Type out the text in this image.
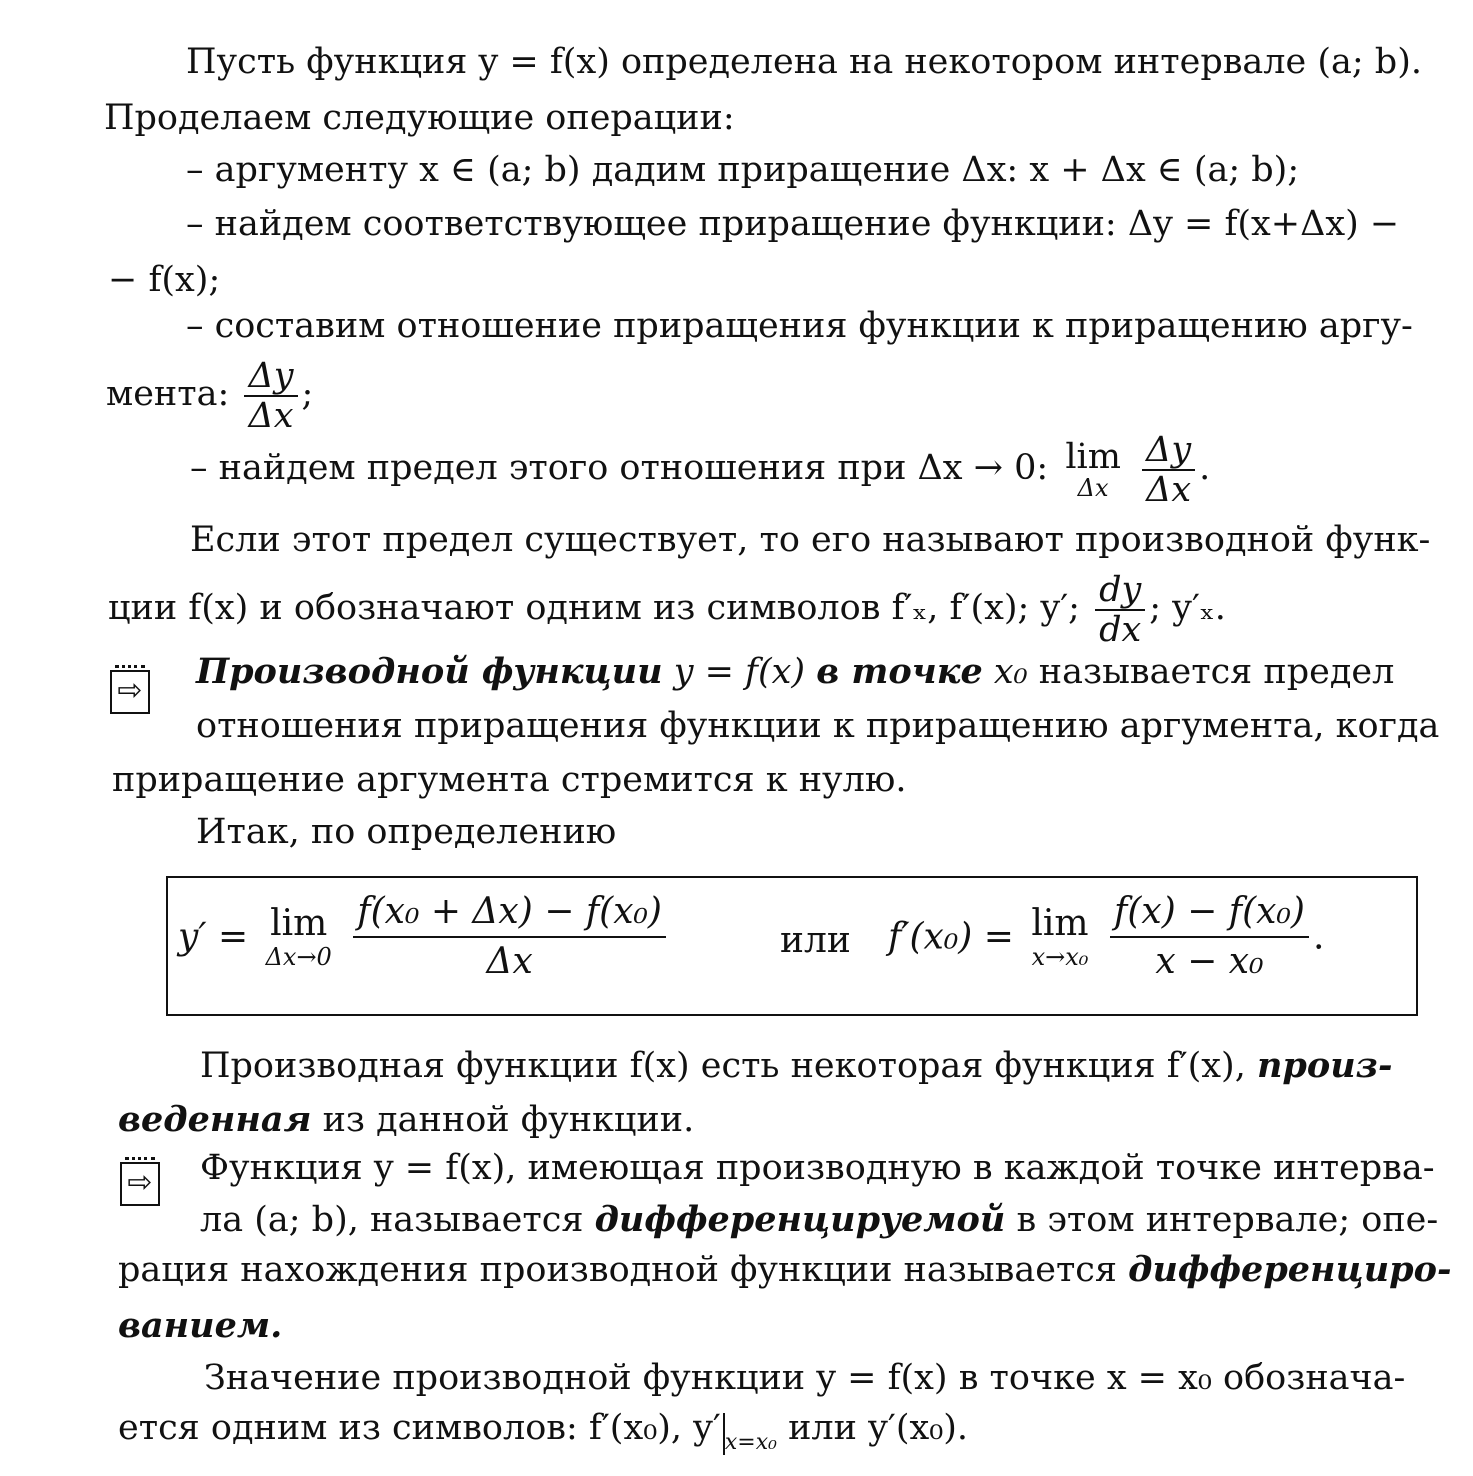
Пусть функция y = f(x) определена на некотором интервале (a; b).
Проделаем следующие операции:
– аргументу x ∈ (a; b) дадим приращение Δx: x + Δx ∈ (a; b);
– найдем соответствующее приращение функции: Δy = f(x+Δx) −
− f(x);
– составим отношение приращения функции к приращению аргу-
мента: $\frac{\Delta y}{\Delta x}$ ;
– найдем предел этого отношения при Δx → 0: lim
Δx
$\frac{\Delta y}{\Delta x}$ .
Если этот предел существует, то его называют производной функ-
ции f(x) и обозначают одним из символов f′ₓ, f′(x); y′; $\frac{dy}{dx}$ ; y′ₓ.
⇨ Производной функции y = f(x) в точке x₀ называется предел
отношения приращения функции к приращению аргумента, когда
приращение аргумента стремится к нулю.
Итак, по определению
y′ = lim
Δx→0
$\frac{\text{f(x₀ + Δx) − f(x₀)}}{\Delta x}$	или f′(x₀) = lim
x→x₀
$\frac{\text{f(x) − f(x₀)}}{\text{x − x₀}}$ .
Производная функции f(x) есть некоторая функция f′(x), произ-
веденная из данной функции.
⇨ Функция y = f(x), имеющая производную в каждой точке интерва-
ла (a; b), называется дифференцируемой в этом интервале; опе-
рация нахождения производной функции называется дифференциро-
ванием.
Значение производной функции y = f(x) в точке x = x₀ обознача-
ется одним из символов: f′(x₀), y′ $_{x=x_0}$ или y′(x₀).
